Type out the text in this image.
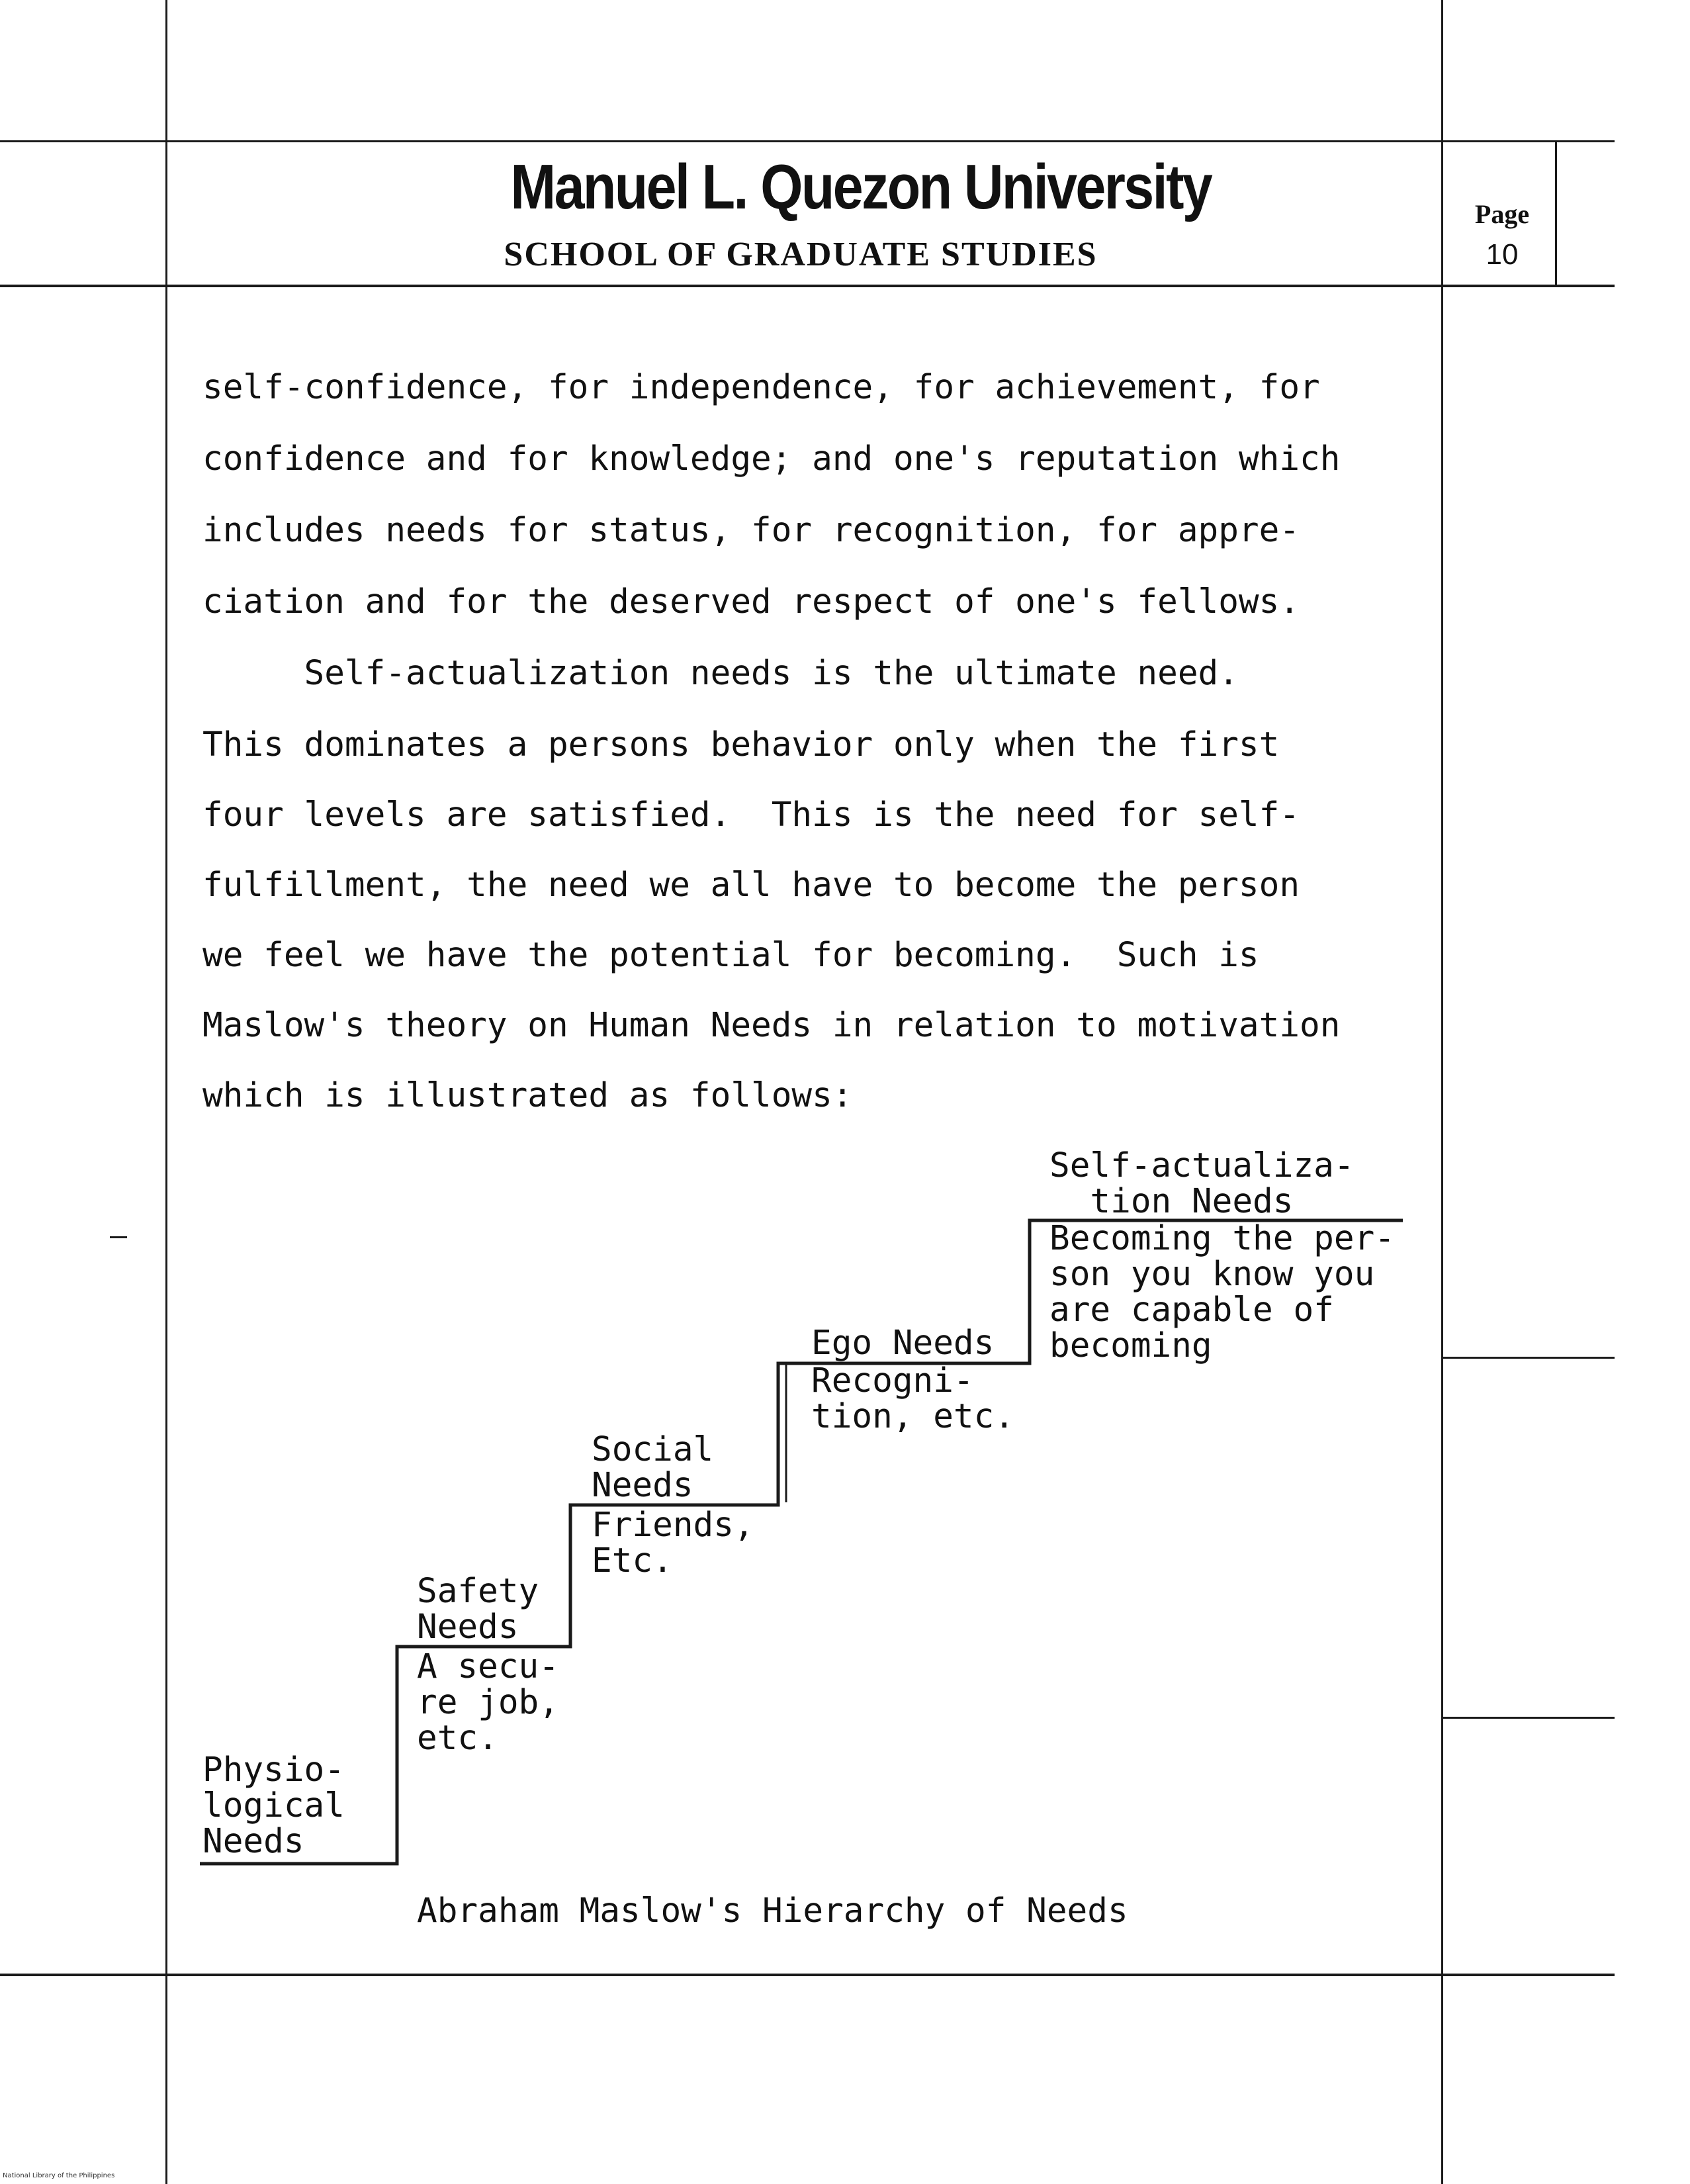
Manuel L. Quezon University
SCHOOL OF GRADUATE STUDIES
Page
10
self-confidence, for independence, for achievement, for
confidence and for knowledge; and one's reputation which
includes needs for status, for recognition, for appre-
ciation and for the deserved respect of one's fellows.
Self-actualization needs is the ultimate need.
This dominates a persons behavior only when the first
four levels are satisfied.  This is the need for self-
fulfillment, the need we all have to become the person
we feel we have the potential for becoming.  Such is
Maslow's theory on Human Needs in relation to motivation
which is illustrated as follows:
Physio-
logical
Needs
Safety
Needs
A secu-
re job,
etc.
Social
Needs
Friends,
Etc.
Ego Needs
Recogni-
tion, etc.
Self-actualiza-
tion Needs
Becoming the per-
son you know you
are capable of
becoming
Abraham Maslow's Hierarchy of Needs
National Library of the Philippines
